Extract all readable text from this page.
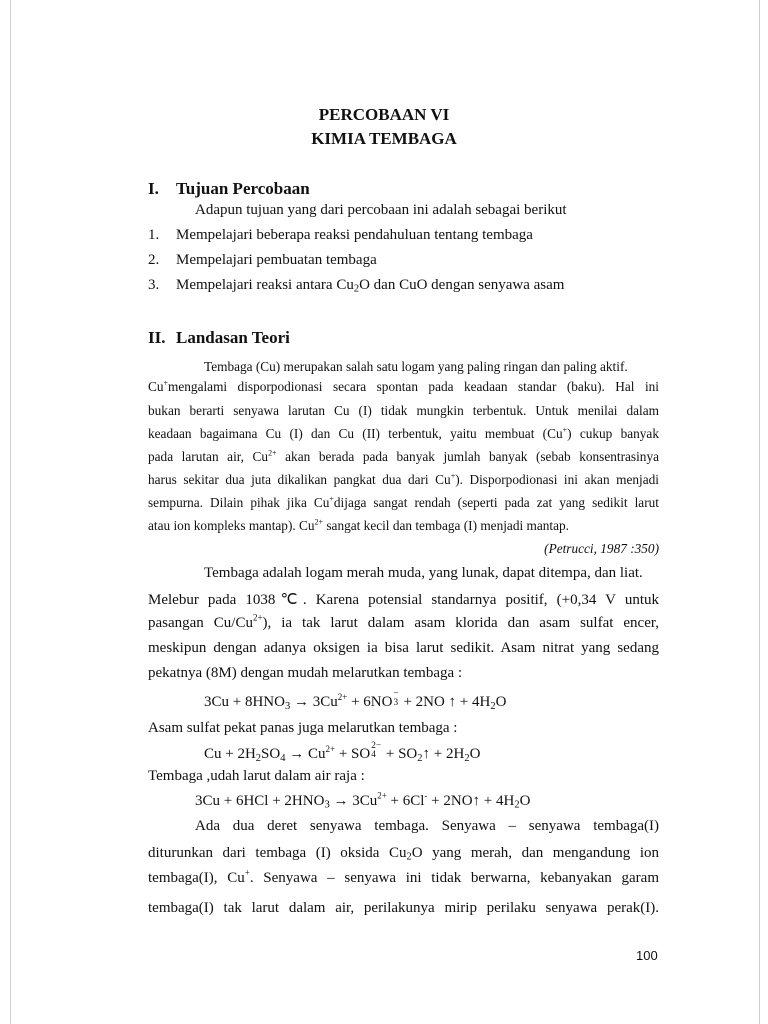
PERCOBAAN VI
KIMIA TEMBAGA
I. Tujuan Percobaan
Adapun tujuan yang dari percobaan ini adalah sebagai berikut
1. Mempelajari beberapa reaksi pendahuluan tentang tembaga
2. Mempelajari pembuatan tembaga
3. Mempelajari reaksi antara $Cu_2O$ dan CuO dengan senyawa asam
II. Landasan Teori
Tembaga (Cu) merupakan salah satu logam yang paling ringan dan paling aktif.
Cu+mengalami disporpodionasi secara spontan pada keadaan standar (baku). Hal ini
bukan berarti senyawa larutan Cu (I) tidak mungkin terbentuk. Untuk menilai dalam
keadaan bagaimana Cu (I) dan Cu (II) terbentuk, yaitu membuat (Cu+) cukup banyak
pada larutan air, $Cu^{2+}$ akan berada pada banyak jumlah banyak (sebab konsentrasinya
harus sekitar dua juta dikalikan pangkat dua dari Cu+). Disporpodionasi ini akan menjadi
sempurna. Dilain pihak jika Cu+dijaga sangat rendah (seperti pada zat yang sedikit larut
atau ion kompleks mantap). $Cu^{2+}$ sangat kecil dan tembaga (I) menjadi mantap.
(Petrucci, 1987 :350)
Tembaga adalah logam merah muda, yang lunak, dapat ditempa, dan liat.
Melebur pada 1038℃. Karena potensial standarnya positif, (+0,34 V untuk
pasangan $Cu/Cu^{2+}$), ia tak larut dalam asam klorida dan asam sulfat encer,
meskipun dengan adanya oksigen ia bisa larut sedikit. Asam nitrat yang sedang
pekatnya (8M) dengan mudah melarutkan tembaga :
$3Cu + 8HNO_3 \to 3Cu^{2+} + 6NO$
−
3 + 2NO ↑ + $4H_2O$
Asam sulfat pekat panas juga melarutkan tembaga :
$Cu + 2H_2SO_4 \to Cu^{2+}$ + SO
2−
$4 + SO_2↑ + 2H_2O$
Tembaga ,udah larut dalam air raja :
$3Cu + 6HCl + 2HNO_3 \to 3Cu^{2+} + 6Cl^-$ + 2NO↑ + $4H_2O$
Ada dua deret senyawa tembaga. Senyawa – senyawa tembaga(I)
diturunkan dari tembaga (I) oksida $Cu_2O$ yang merah, dan mengandung ion
tembaga(I), Cu+. Senyawa – senyawa ini tidak berwarna, kebanyakan garam
tembaga(I) tak larut dalam air, perilakunya mirip perilaku senyawa perak(I).
100
